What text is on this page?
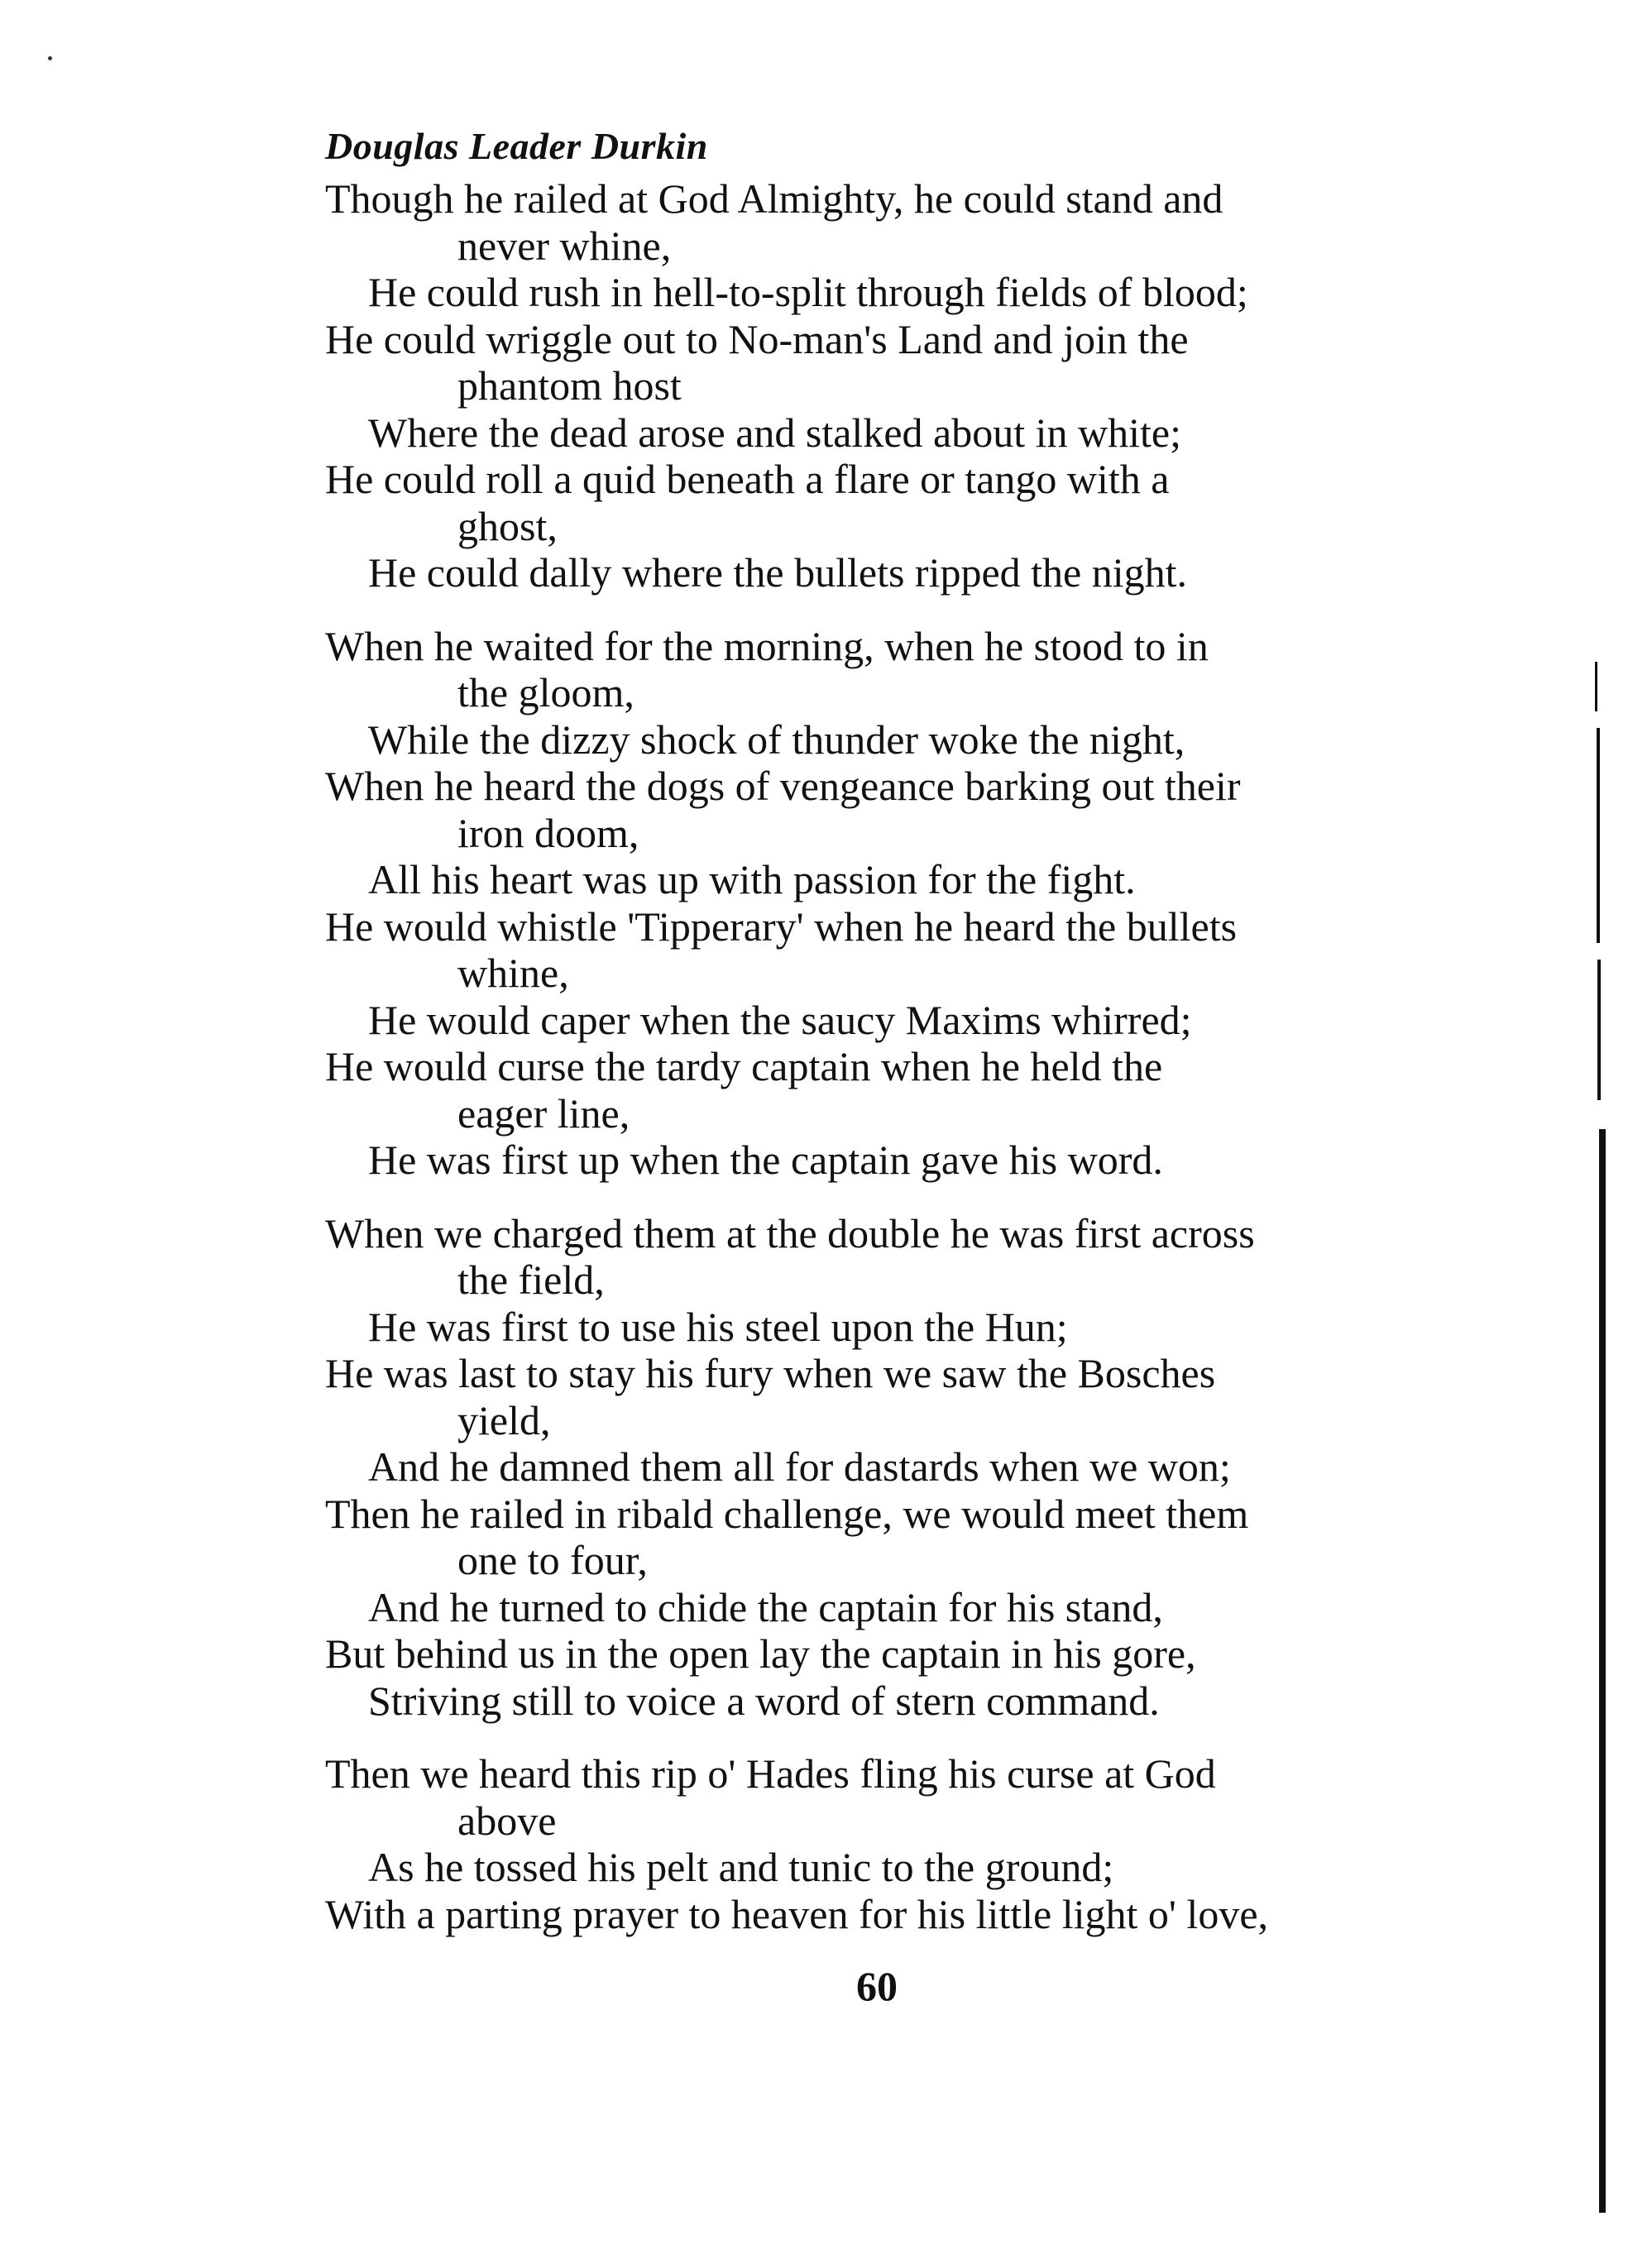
Douglas Leader Durkin
Though he railed at God Almighty, he could stand and
never whine,
He could rush in hell-to-split through fields of blood;
He could wriggle out to No-man's Land and join the
phantom host
Where the dead arose and stalked about in white;
He could roll a quid beneath a flare or tango with a
ghost,
He could dally where the bullets ripped the night.
When he waited for the morning, when he stood to in
the gloom,
While the dizzy shock of thunder woke the night,
When he heard the dogs of vengeance barking out their
iron doom,
All his heart was up with passion for the fight.
He would whistle 'Tipperary' when he heard the bullets
whine,
He would caper when the saucy Maxims whirred;
He would curse the tardy captain when he held the
eager line,
He was first up when the captain gave his word.
When we charged them at the double he was first across
the field,
He was first to use his steel upon the Hun;
He was last to stay his fury when we saw the Bosches
yield,
And he damned them all for dastards when we won;
Then he railed in ribald challenge, we would meet them
one to four,
And he turned to chide the captain for his stand,
But behind us in the open lay the captain in his gore,
Striving still to voice a word of stern command.
Then we heard this rip o' Hades fling his curse at God
above
As he tossed his pelt and tunic to the ground;
With a parting prayer to heaven for his little light o' love,
60
